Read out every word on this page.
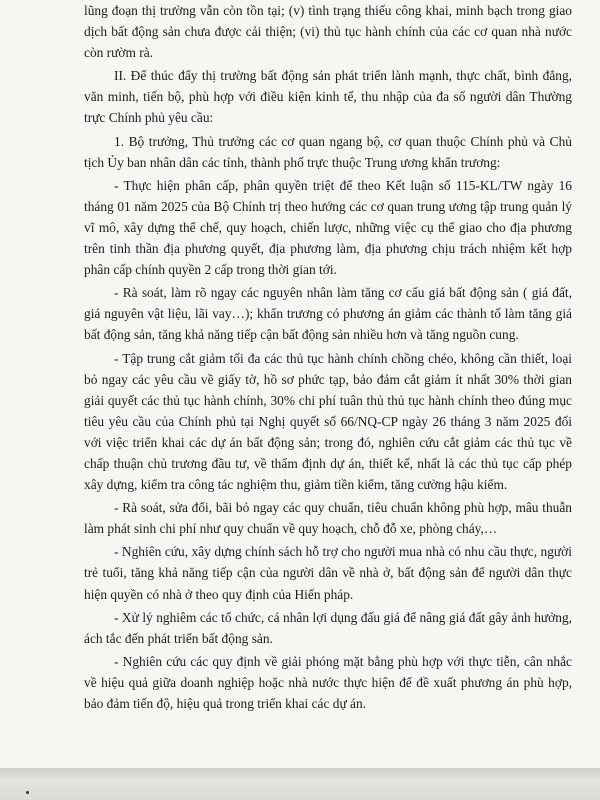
lũng đoạn thị trường vẫn còn tồn tại; (v) tình trạng thiếu công khai, minh bạch trong giao dịch bất động sản chưa được cải thiện; (vi) thủ tục hành chính của các cơ quan nhà nước còn rườm rà.

II. Để thúc đẩy thị trường bất động sản phát triển lành mạnh, thực chất, bình đẳng, văn minh, tiến bộ, phù hợp với điều kiện kinh tế, thu nhập của đa số người dân Thường trực Chính phủ yêu cầu:

1. Bộ trưởng, Thủ trưởng các cơ quan ngang bộ, cơ quan thuộc Chính phủ và Chủ tịch Ủy ban nhân dân các tỉnh, thành phố trực thuộc Trung ương khẩn trương:

- Thực hiện phân cấp, phân quyền triệt để theo Kết luận số 115-KL/TW ngày 16 tháng 01 năm 2025 của Bộ Chính trị theo hướng các cơ quan trung ương tập trung quản lý vĩ mô, xây dựng thể chế, quy hoạch, chiến lược, những việc cụ thể giao cho địa phương trên tinh thần địa phương quyết, địa phương làm, địa phương chịu trách nhiệm kết hợp phân cấp chính quyền 2 cấp trong thời gian tới.

- Rà soát, làm rõ ngay các nguyên nhân làm tăng cơ cấu giá bất động sản ( giá đất, giá nguyên vật liệu, lãi vay…); khẩn trương có phương án giảm các thành tố làm tăng giá bất động sản, tăng khả năng tiếp cận bất động sản nhiều hơn và tăng nguồn cung.

- Tập trung cắt giảm tối đa các thủ tục hành chính chồng chéo, không cần thiết, loại bỏ ngay các yêu cầu về giấy tờ, hồ sơ phức tạp, bảo đảm cắt giảm ít nhất 30% thời gian giải quyết các thủ tục hành chính, 30% chi phí tuân thủ thủ tục hành chính theo đúng mục tiêu yêu cầu của Chính phủ tại Nghị quyết số 66/NQ-CP ngày 26 tháng 3 năm 2025 đối với việc triển khai các dự án bất động sản; trong đó, nghiên cứu cắt giảm các thủ tục về chấp thuận chủ trương đầu tư, về thẩm định dự án, thiết kế, nhất là các thủ tục cấp phép xây dựng, kiểm tra công tác nghiệm thu, giảm tiền kiểm, tăng cường hậu kiểm.

- Rà soát, sửa đổi, bãi bỏ ngay các quy chuẩn, tiêu chuẩn không phù hợp, mâu thuẫn làm phát sinh chi phí như quy chuẩn về quy hoạch, chỗ đỗ xe, phòng cháy,…

- Nghiên cứu, xây dựng chính sách hỗ trợ cho người mua nhà có nhu cầu thực, người trẻ tuổi, tăng khả năng tiếp cận của người dân về nhà ở, bất động sản để người dân thực hiện quyền có nhà ở theo quy định của Hiến pháp.

- Xử lý nghiêm các tổ chức, cá nhân lợi dụng đấu giá để nâng giá đất gây ảnh hưởng, ách tắc đến phát triển bất động sản.

- Nghiên cứu các quy định về giải phóng mặt bằng phù hợp với thực tiễn, cân nhắc về hiệu quả giữa doanh nghiệp hoặc nhà nước thực hiện để đề xuất phương án phù hợp, bảo đảm tiến độ, hiệu quả trong triển khai các dự án.
